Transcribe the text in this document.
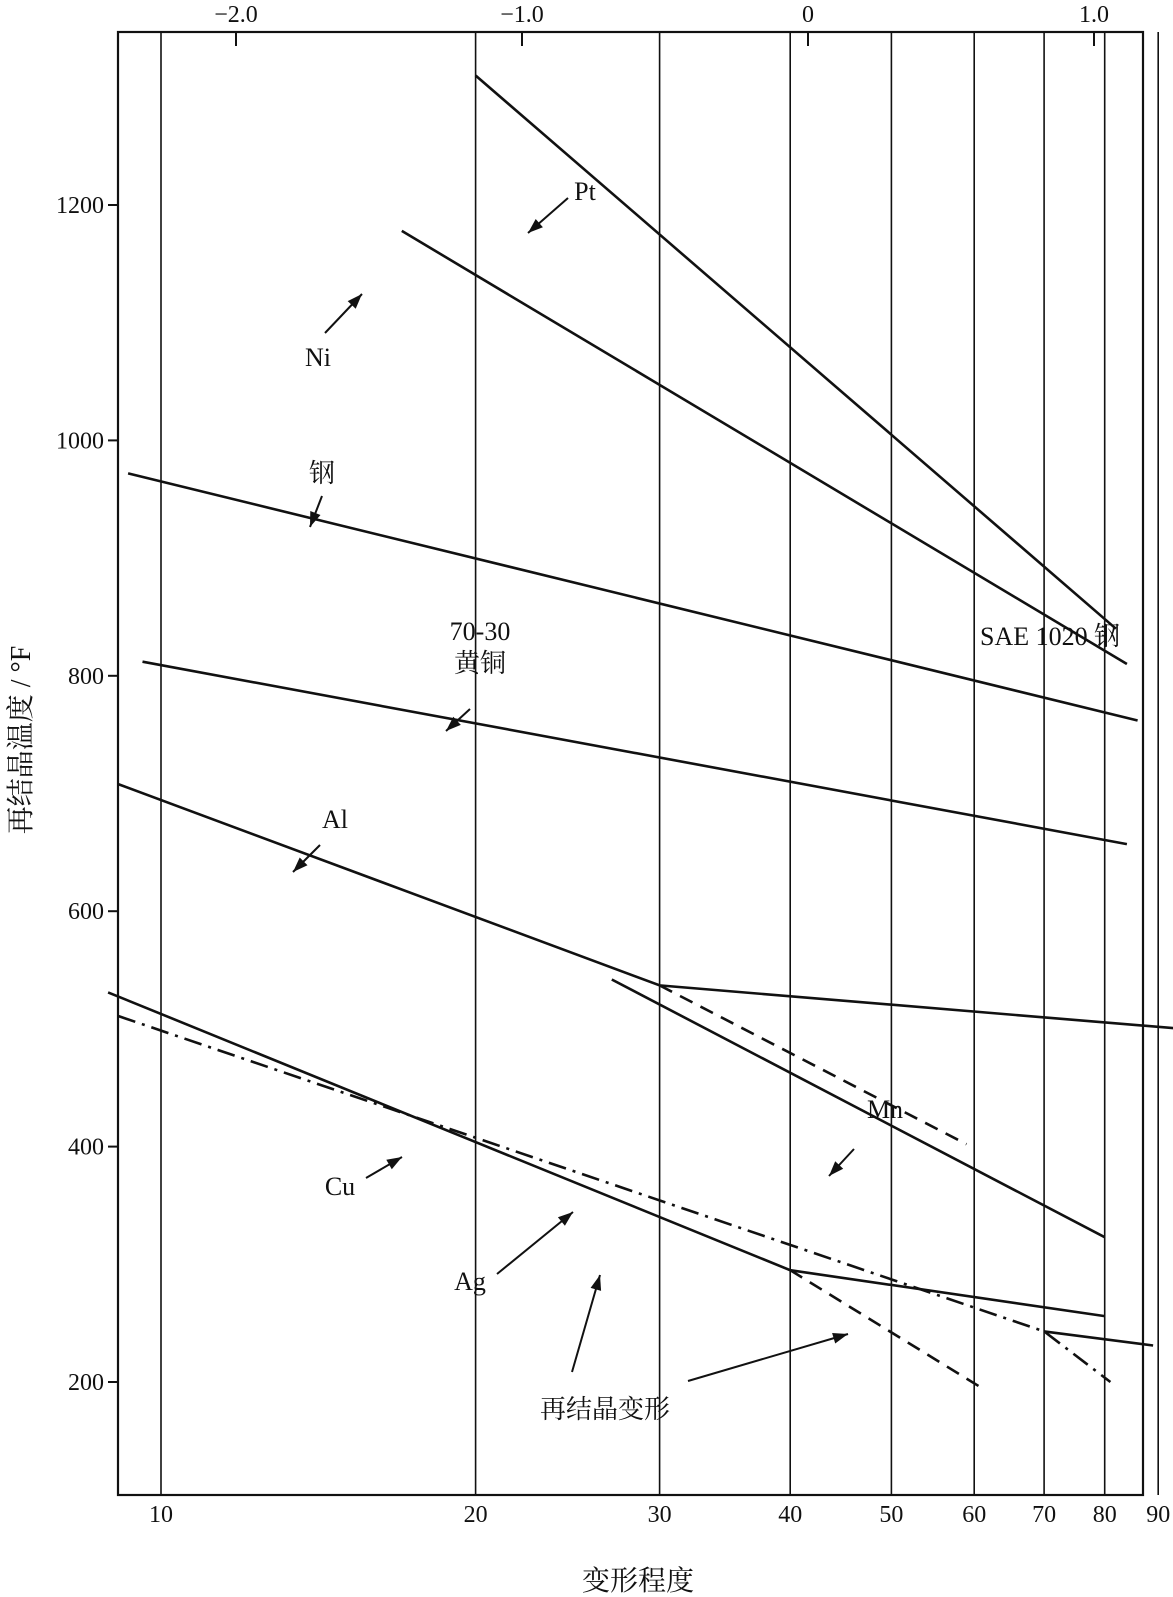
10	20	30	40	50 60 70 80 90
200
400
600
800
1000
1200
−2.0	−1.0	0	1.0
Pt
Ni
钢
70-30
黄铜
Al
SAE 1020 钢
Mn
Cu
Ag
再结晶变形
变形程度
再结晶温度 / °F
